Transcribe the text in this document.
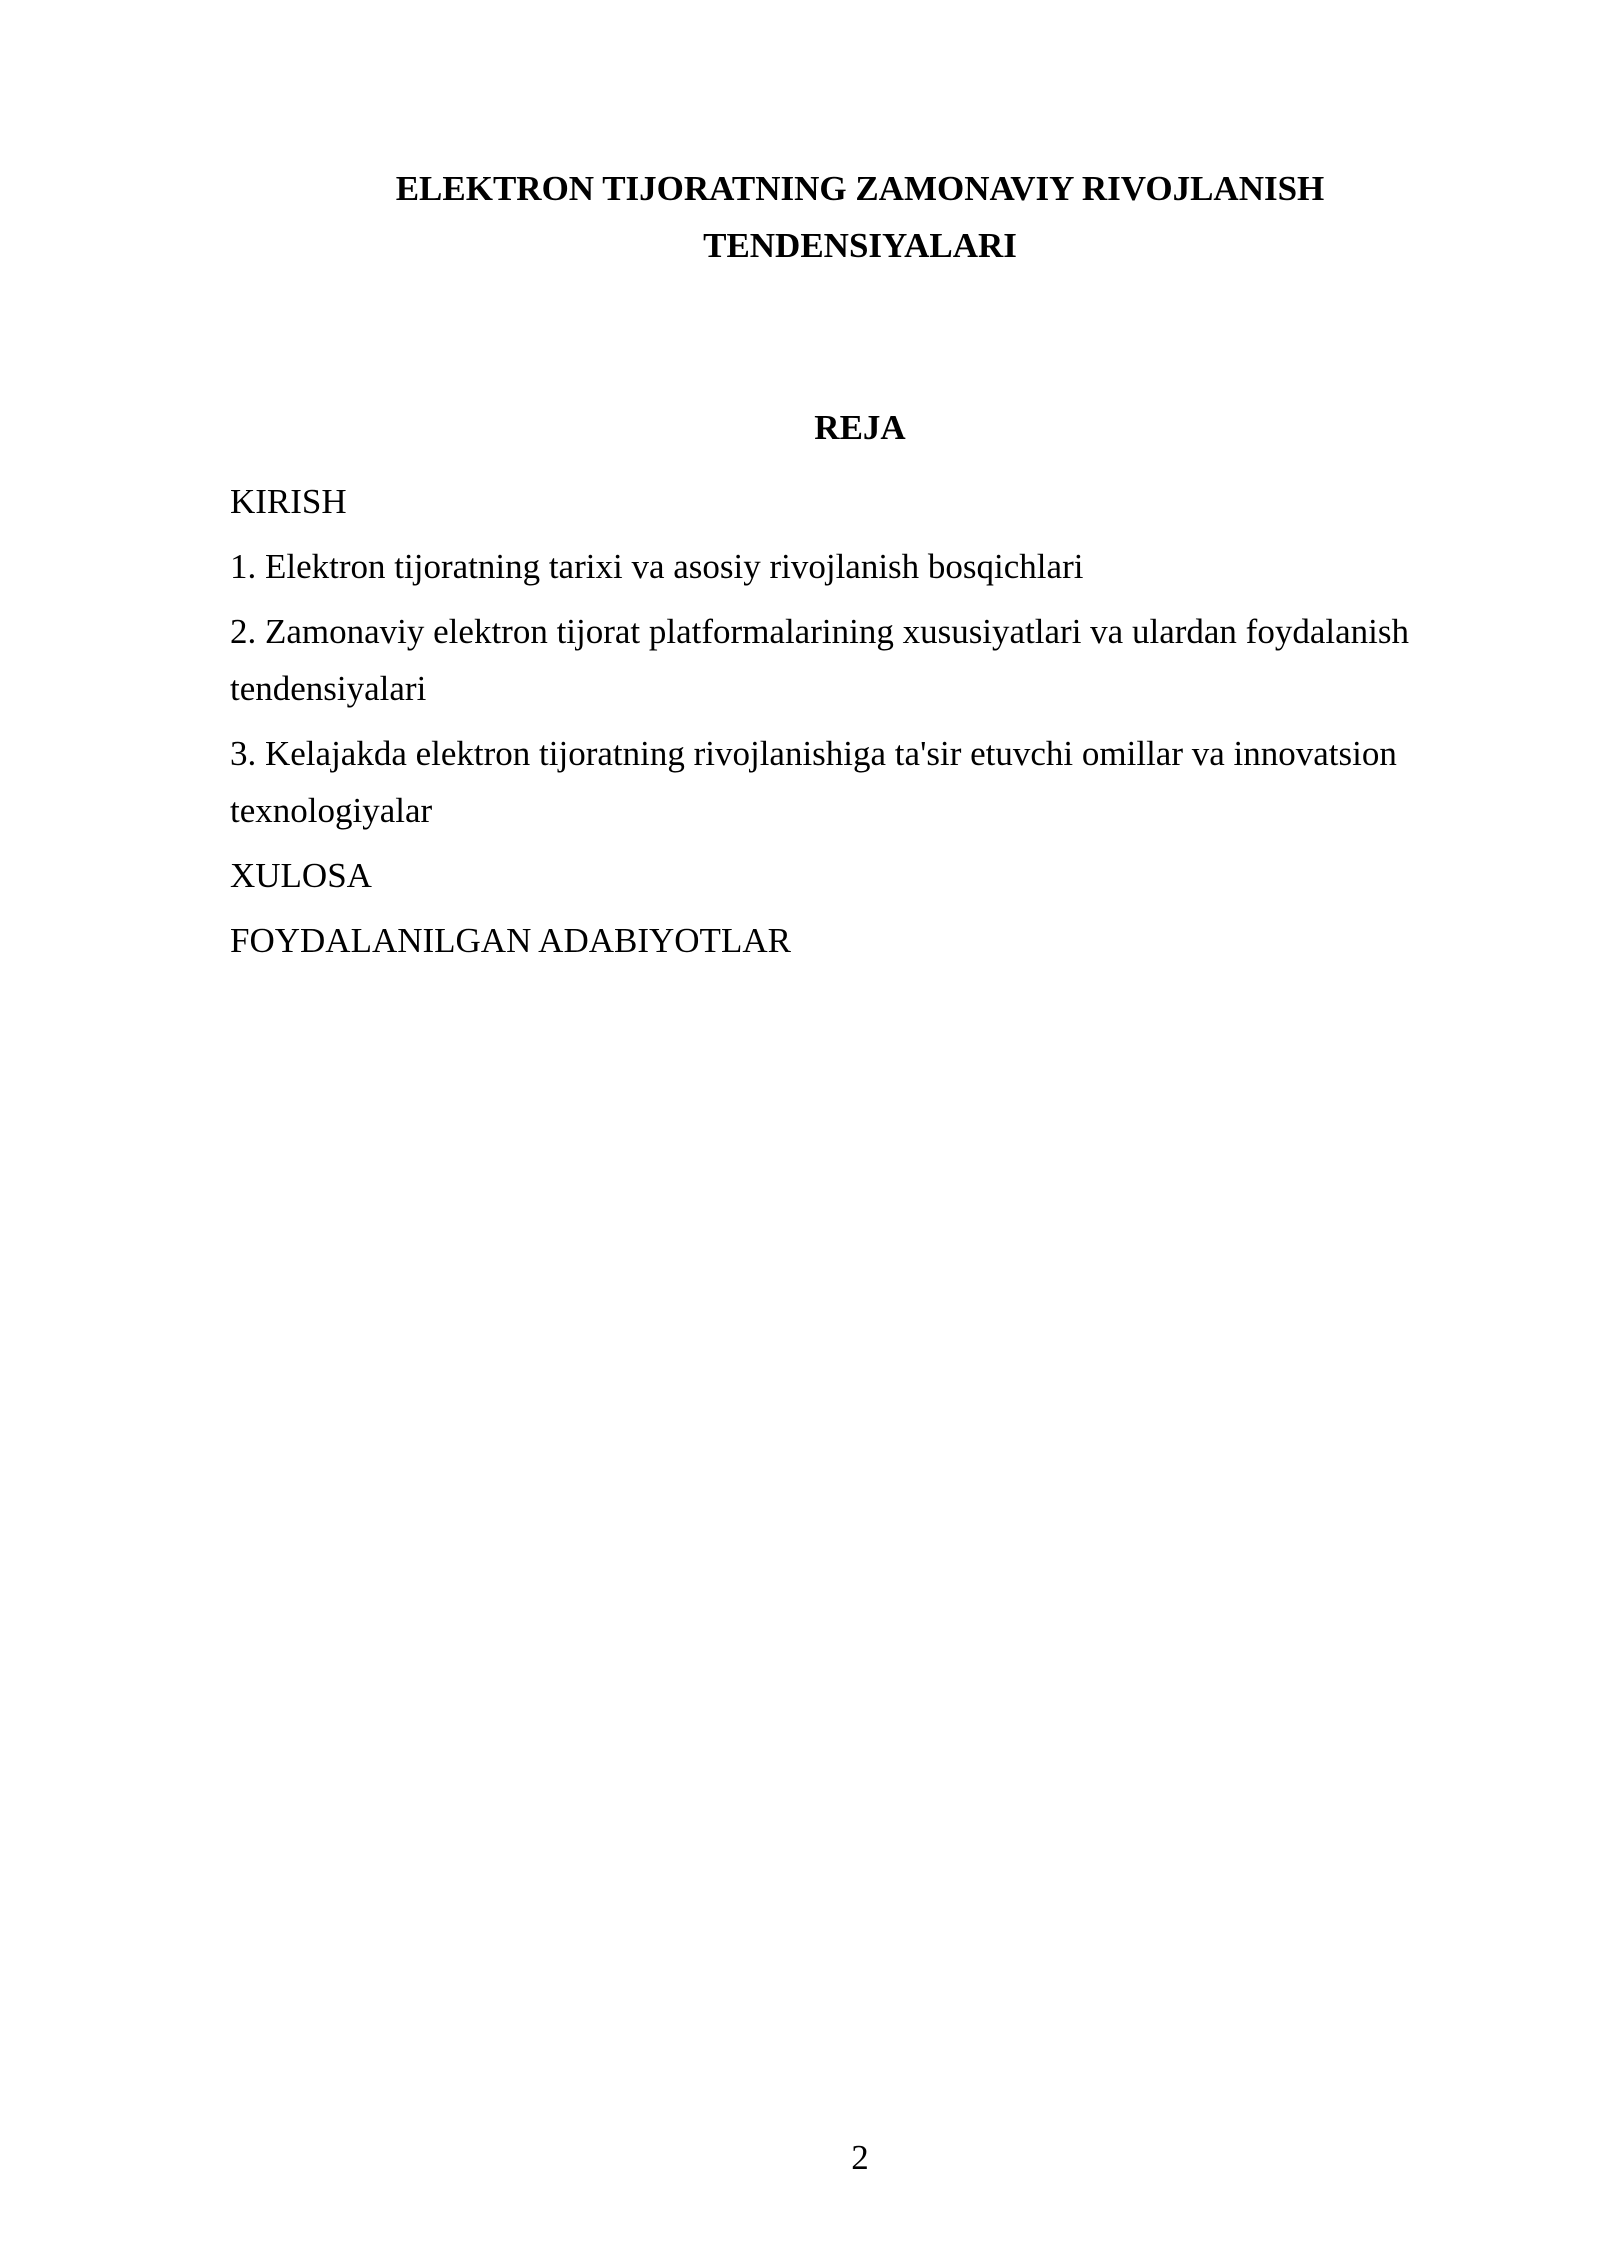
ELEKTRON TIJORATNING ZAMONAVIY RIVOJLANISH
TENDENSIYALARI
REJA
KIRISH
1. Elektron tijoratning tarixi va asosiy rivojlanish bosqichlari
2. Zamonaviy elektron tijorat platformalarining xususiyatlari va ulardan foydalanish tendensiyalari
3. Kelajakda elektron tijoratning rivojlanishiga ta'sir etuvchi omillar va innovatsion texnologiyalar
XULOSA
FOYDALANILGAN ADABIYOTLAR
2
